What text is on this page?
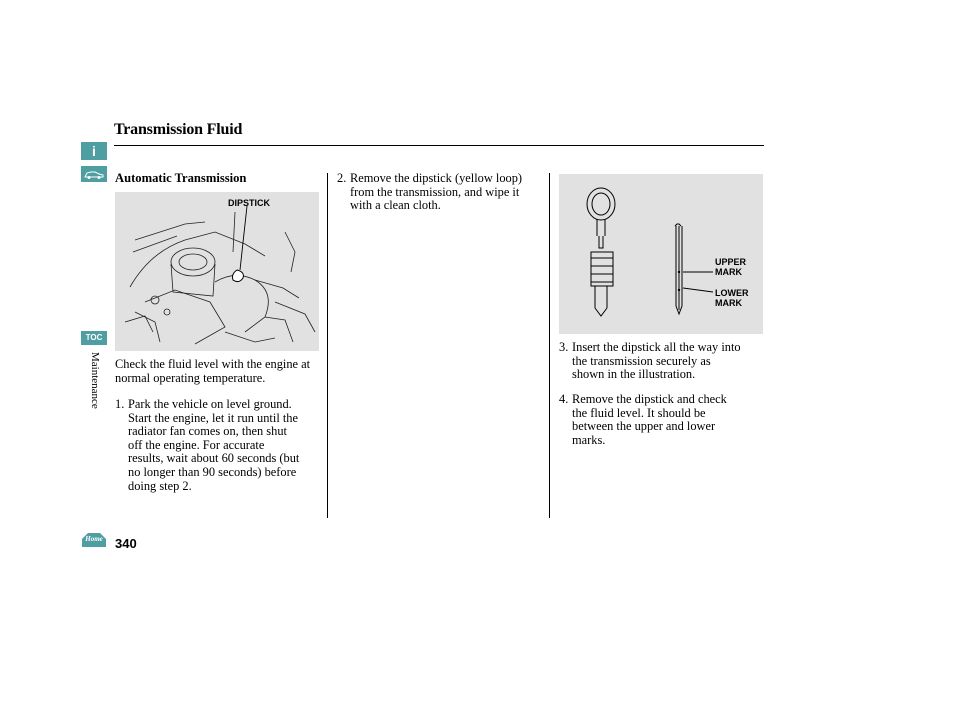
Transmission Fluid
i
TOC
Maintenance
Home 340
Automatic Transmission
DIPSTICK

Check the fluid level with the engine at normal operating temperature.

1. Park the vehicle on level ground.
Start the engine, let it run until the
radiator fan comes on, then shut
off the engine. For accurate
results, wait about 60 seconds (but
no longer than 90 seconds) before
doing step 2.
2. Remove the dipstick (yellow loop)
from the transmission, and wipe it
with a clean cloth.
UPPER MARK
LOWER MARK
3. Insert the dipstick all the way into
the transmission securely as
shown in the illustration.
4. Remove the dipstick and check
the fluid level. It should be
between the upper and lower
marks.
